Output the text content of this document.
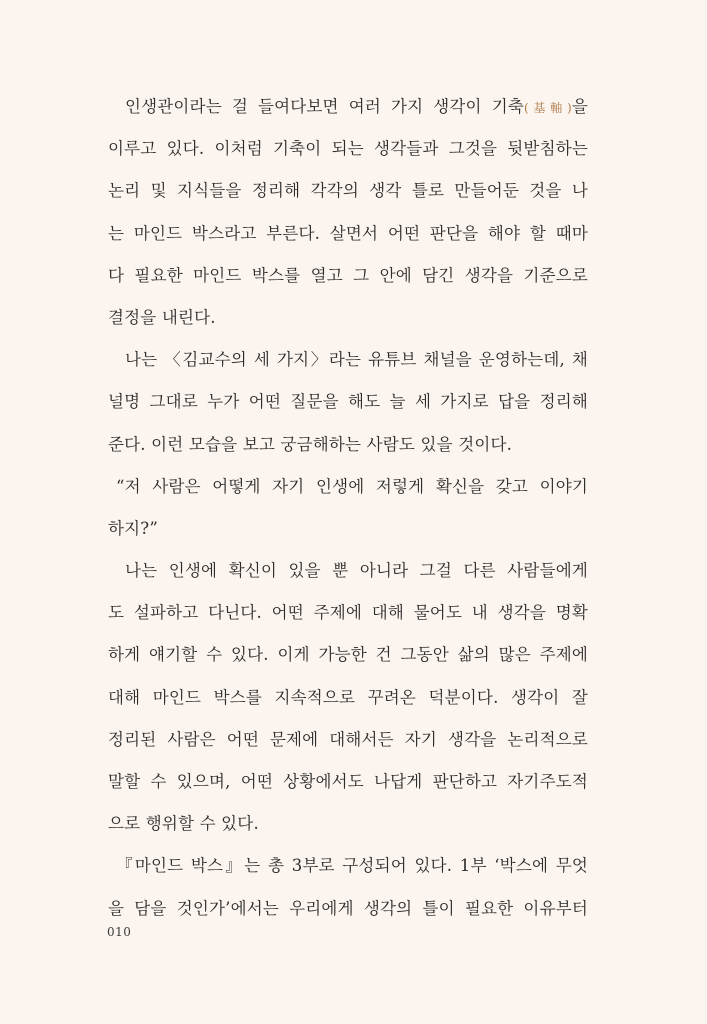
인생관이라는 걸 들여다보면 여러 가지 생각이 기축(基軸)을
이루고 있다. 이처럼 기축이 되는 생각들과 그것을 뒷받침하는
논리 및 지식들을 정리해 각각의 생각 틀로 만들어둔 것을 나
는 마인드 박스라고 부른다. 살면서 어떤 판단을 해야 할 때마
다 필요한 마인드 박스를 열고 그 안에 담긴 생각을 기준으로
결정을 내린다.
나는 〈김교수의 세 가지〉라는 유튜브 채널을 운영하는데, 채
널명 그대로 누가 어떤 질문을 해도 늘 세 가지로 답을 정리해
준다. 이런 모습을 보고 궁금해하는 사람도 있을 것이다.
“저 사람은 어떻게 자기 인생에 저렇게 확신을 갖고 이야기
하지?”
나는 인생에 확신이 있을 뿐 아니라 그걸 다른 사람들에게
도 설파하고 다닌다. 어떤 주제에 대해 물어도 내 생각을 명확
하게 얘기할 수 있다. 이게 가능한 건 그동안 삶의 많은 주제에
대해 마인드 박스를 지속적으로 꾸려온 덕분이다. 생각이 잘
정리된 사람은 어떤 문제에 대해서든 자기 생각을 논리적으로
말할 수 있으며, 어떤 상황에서도 나답게 판단하고 자기주도적
으로 행위할 수 있다.
『마인드 박스』는 총 3부로 구성되어 있다. 1부 ‘박스에 무엇
을 담을 것인가’에서는 우리에게 생각의 틀이 필요한 이유부터
010
